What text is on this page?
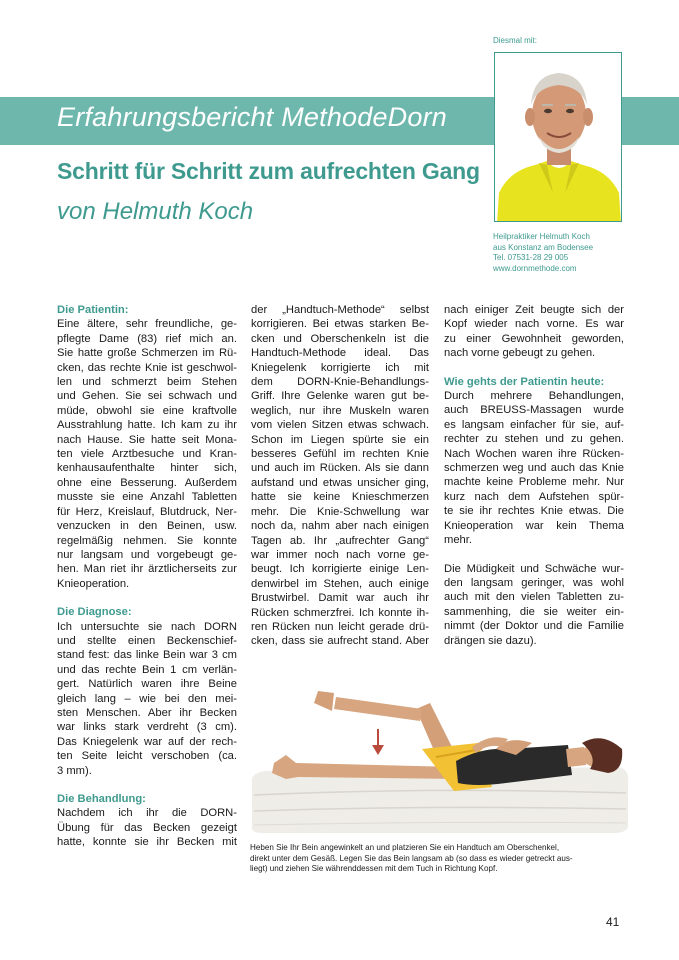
Erfahrungsbericht MethodeDorn
Diesmal mit:
Heilpraktiker Helmuth Koch
aus Konstanz am Bodensee
Tel. 07531-28 29 005
www.dornmethode.com
Schritt für Schritt zum aufrechten Gang
von Helmuth Koch
Die Patientin:
Eine ältere, sehr freundliche, ge-
pflegte Dame (83) rief mich an.
Sie hatte große Schmerzen im Rü-
cken, das rechte Knie ist geschwol-
len und schmerzt beim Stehen
und Gehen. Sie sei schwach und
müde, obwohl sie eine kraftvolle
Ausstrahlung hatte. Ich kam zu ihr
nach Hause. Sie hatte seit Mona-
ten viele Arztbesuche und Kran-
kenhausaufenthalte hinter sich,
ohne eine Besserung. Außerdem
musste sie eine Anzahl Tabletten
für Herz, Kreislauf, Blutdruck, Ner-
venzucken in den Beinen, usw.
regelmäßig nehmen. Sie konnte
nur langsam und vorgebeugt ge-
hen. Man riet ihr ärztlicherseits zur
Knieoperation.
Die Diagnose:
Ich untersuchte sie nach DORN
und stellte einen Beckenschief-
stand fest: das linke Bein war 3 cm
und das rechte Bein 1 cm verlän-
gert. Natürlich waren ihre Beine
gleich lang – wie bei den mei-
sten Menschen. Aber ihr Becken
war links stark verdreht (3 cm).
Das Kniegelenk war auf der rech-
ten Seite leicht verschoben (ca.
3 mm).
Die Behandlung:
Nachdem ich ihr die DORN-
Übung für das Becken gezeigt
hatte, konnte sie ihr Becken mit
der „Handtuch-Methode“ selbst
korrigieren. Bei etwas starken Be-
cken und Oberschenkeln ist die
Handtuch-Methode ideal. Das
Kniegelenk korrigierte ich mit
dem DORN-Knie-Behandlungs-
Griff. Ihre Gelenke waren gut be-
weglich, nur ihre Muskeln waren
vom vielen Sitzen etwas schwach.
Schon im Liegen spürte sie ein
besseres Gefühl im rechten Knie
und auch im Rücken. Als sie dann
aufstand und etwas unsicher ging,
hatte sie keine Knieschmerzen
mehr. Die Knie-Schwellung war
noch da, nahm aber nach einigen
Tagen ab. Ihr „aufrechter Gang“
war immer noch nach vorne ge-
beugt. Ich korrigierte einige Len-
denwirbel im Stehen, auch einige
Brustwirbel. Damit war auch ihr
Rücken schmerzfrei. Ich konnte ih-
ren Rücken nun leicht gerade drü-
cken, dass sie aufrecht stand. Aber
nach einiger Zeit beugte sich der
Kopf wieder nach vorne. Es war
zu einer Gewohnheit geworden,
nach vorne gebeugt zu gehen.
Wie gehts der Patientin heute:
Durch mehrere Behandlungen,
auch BREUSS-Massagen wurde
es langsam einfacher für sie, auf-
rechter zu stehen und zu gehen.
Nach Wochen waren ihre Rücken-
schmerzen weg und auch das Knie
machte keine Probleme mehr. Nur
kurz nach dem Aufstehen spür-
te sie ihr rechtes Knie etwas. Die
Knieoperation war kein Thema
mehr.
Die Müdigkeit und Schwäche wur-
den langsam geringer, was wohl
auch mit den vielen Tabletten zu-
sammenhing, die sie weiter ein-
nimmt (der Doktor und die Familie
drängen sie dazu).
Heben Sie Ihr Bein angewinkelt an und platzieren Sie ein Handtuch am Oberschenkel,
direkt unter dem Gesäß. Legen Sie das Bein langsam ab (so dass es wieder getreckt aus-
liegt) und ziehen Sie währenddessen mit dem Tuch in Richtung Kopf.
41
